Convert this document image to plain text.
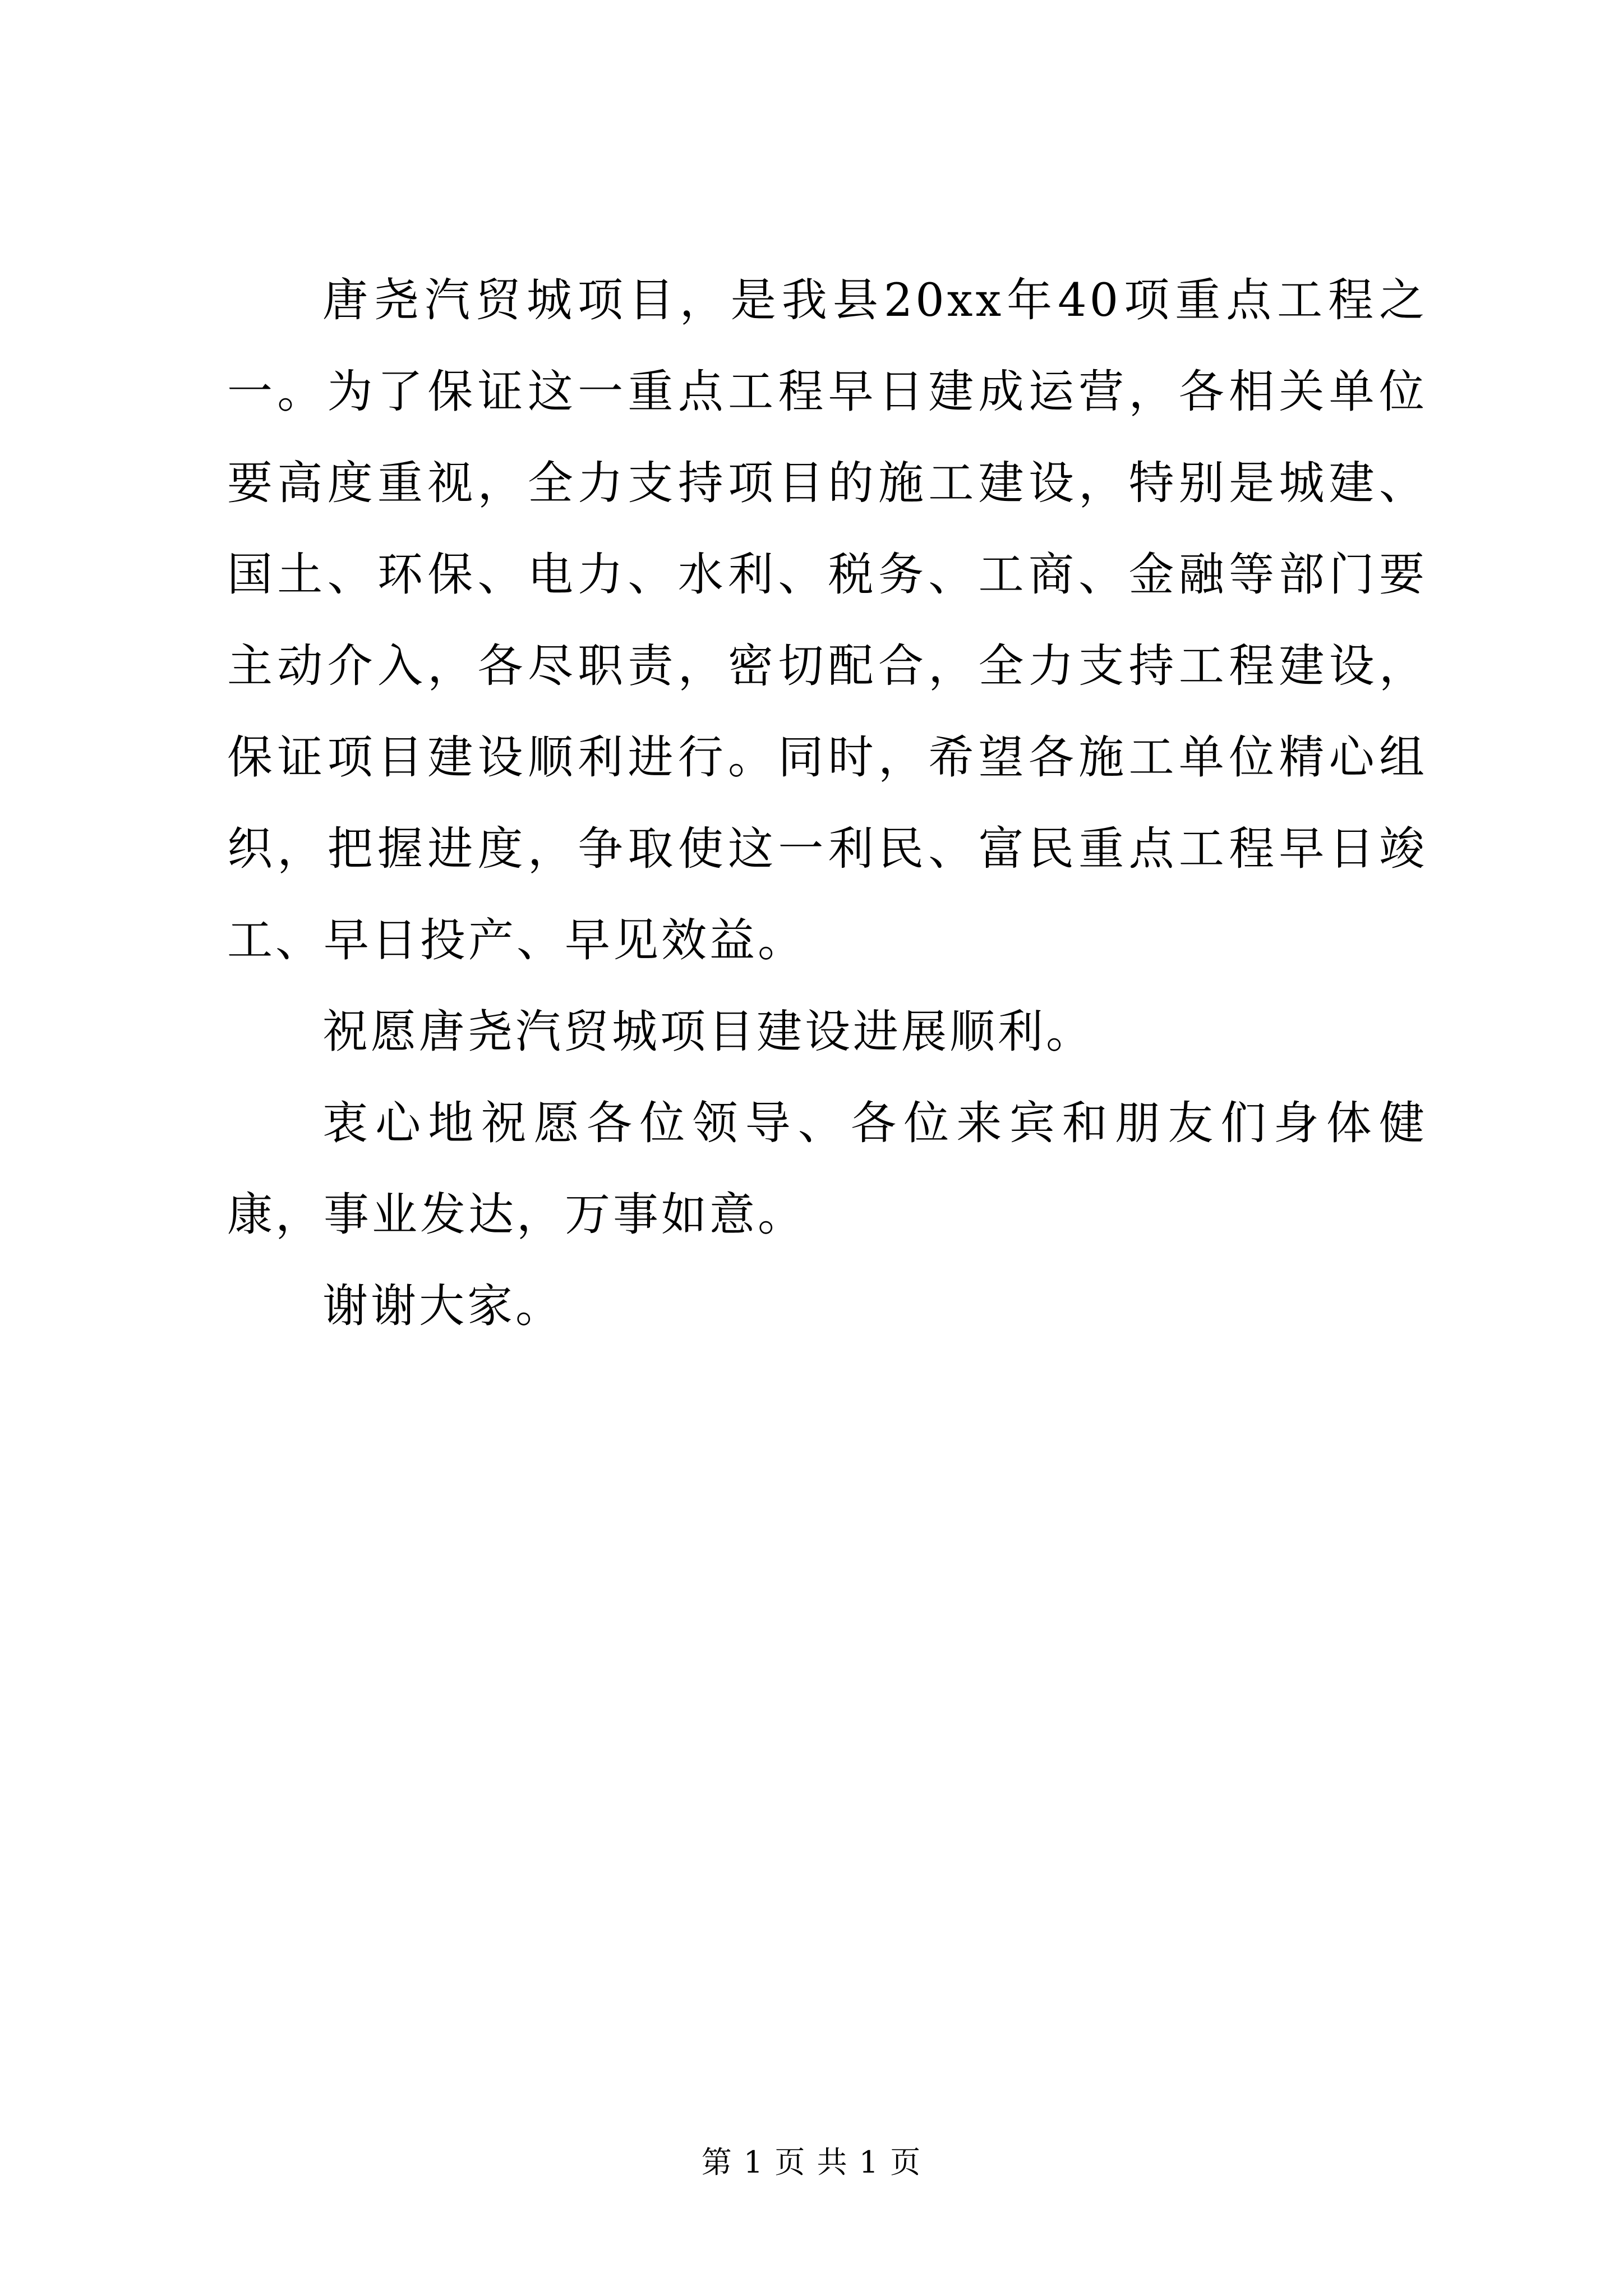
唐尧汽贸城项目，是我县20xx年40项重点工程之一。为了保证这一重点工程早日建成运营，各相关单位要高度重视，全力支持项目的施工建设，特别是城建、国土、环保、电力、水利、税务、工商、金融等部门要主动介入，各尽职责，密切配合，全力支持工程建设，保证项目建设顺利进行。同时，希望各施工单位精心组织，把握进度，争取使这一利民、富民重点工程早日竣工、早日投产、早见效益。

祝愿唐尧汽贸城项目建设进展顺利。

衷心地祝愿各位领导、各位来宾和朋友们身体健康，事业发达，万事如意。

谢谢大家。

第 1 页 共 1 页
